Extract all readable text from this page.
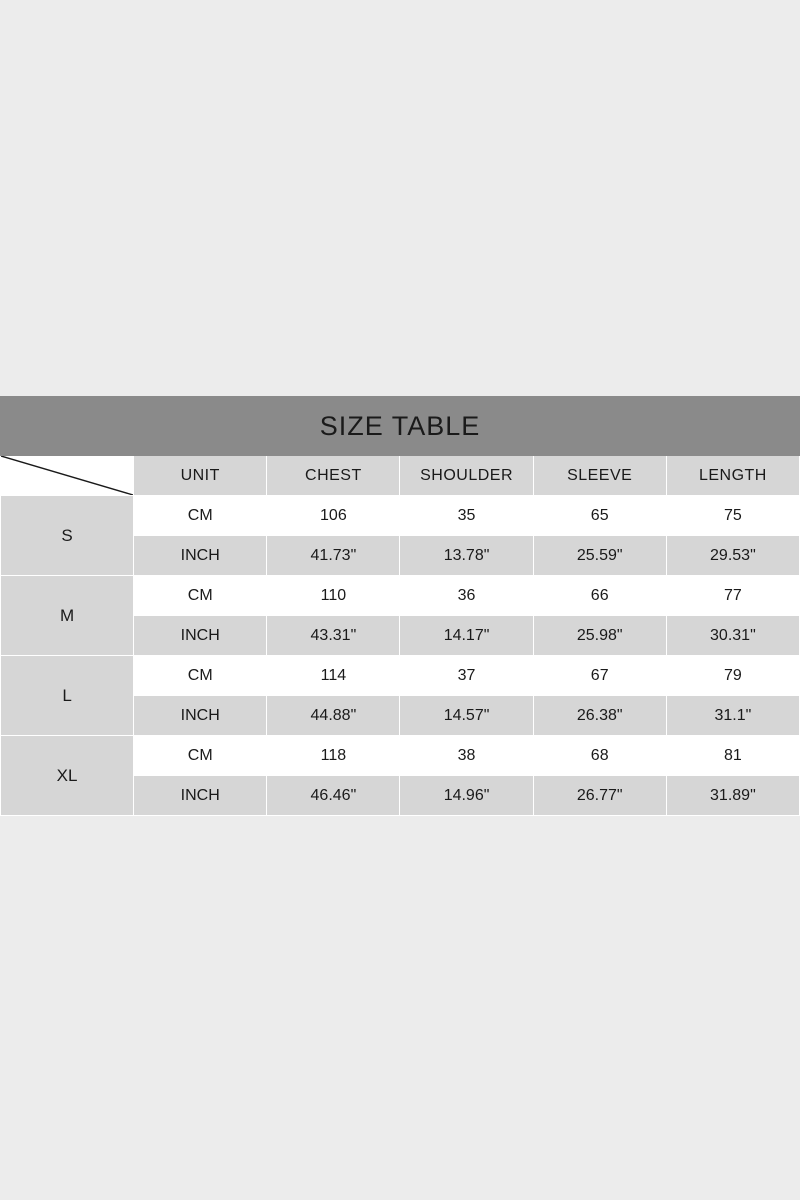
SIZE TABLE					

	UNIT	CHEST	SHOULDER	SLEEVE	LENGTH
S	CM	106	35	65	75
	INCH	41.73"	13.78"	25.59"	29.53"
M	CM	110	36	66	77
	INCH	43.31"	14.17"	25.98"	30.31"
L	CM	114	37	67	79
	INCH	44.88"	14.57"	26.38"	31.1"
XL	CM	118	38	68	81
	INCH	46.46"	14.96"	26.77"	31.89"
